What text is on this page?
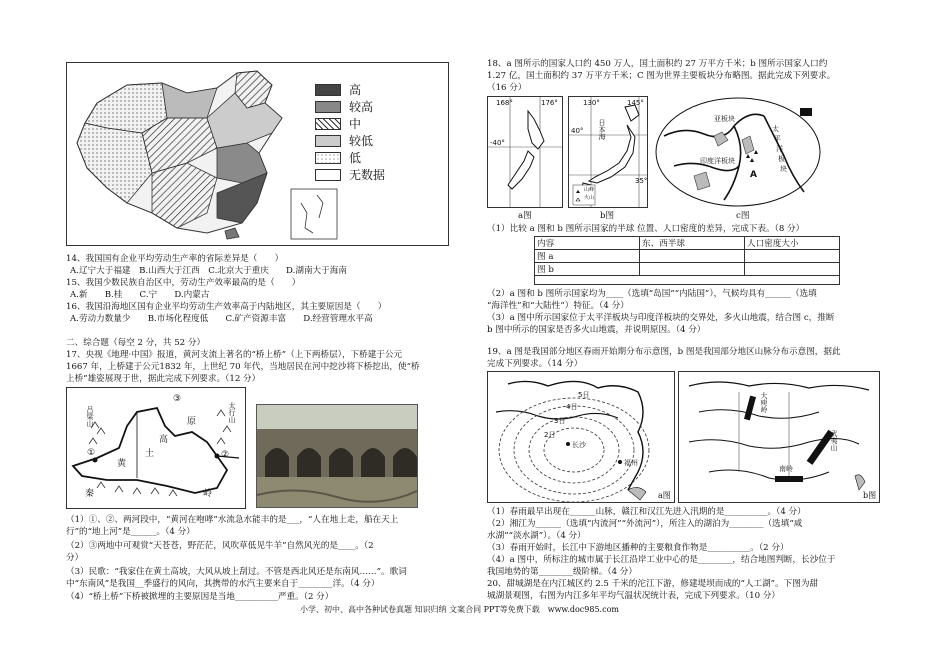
高
较高
中
较低
低
无数据
14、我国国有企业平均劳动生产率的省际差异是（　　）
A.辽宁大于福建　B.山西大于江西　C.北京大于重庆　　D.湖南大于海南
15、我国少数民族自治区中，劳动生产效率最高的是（　　）
A.新　　B.桂　　C.宁　　D.内蒙古
16、我国沿海地区国有企业平均劳动生产效率高于内陆地区，其主要原因是（　　）
A.劳动力数量少　　B.市场化程度低　　C.矿产资源丰富　　D.经营管理水平高
二、综合题（每空 2 分，共 52 分）
17、央视《地理·中国》报道，黄河支流上著名的“桥上桥”（上下两桥层），下桥建于公元
1667 年，上桥建于公元1832 年，上世纪 70 年代，当地居民在河中挖沙将下桥挖出，使“桥
上桥”雄姿展现于世，据此完成下列要求。（12 分）
吕梁山	太行山
高
原
黄
土
秦	岭
①	②
③
（1）①、②、两河段中，“黄河在咆哮”水流急水能丰的是___，“人在地上走，船在天上
行”的“地上河”是______。（4 分）
（2）③两地中可观赏“天苍苍，野茫茫，风吹草低见牛羊”自然风光的是____。（2
分）
（3）民歌：“我家住在黄土高坡，大风从坡上刮过。不管是西北风还是东南风……”。歌词
中“东南风”是我国__季盛行的风向，其携带的水汽主要来自于________洋。（4 分）
（4）“桥上桥”下桥被掀埋的主要原因是当地__________严重。（2 分）
18、a 图所示的国家人口约 450 万人，国土面积约 27 万平方千米；b 图所示国家人口约
1.27 亿，国土面积约 37 万平方千米；C 图为世界主要板块分布略图。据此完成下列要求。
（16 分）
168°	176°
-40°
a图
130°	145°
40°
35°
日本海
山峰
火山
b图
亚板块
太
平
洋
板
块
印度洋板块
A
c图
（1）比较 a 图和 b 图所示国家的半球 位置、人口密度的差异，完成下表。（8 分）
内容	东、西半球	人口密度大小
图 a		
图 b		
（2）a 图和 b 图所示国家均为____（选填“岛国”“内陆国”），气候均具有______（选填
“海洋性”和“大陆性”）特征。（4 分）
（3）a 图中所示国家位于太平洋板块与印度洋板块的交界处，多火山地震，结合图 c，推断
b 图中所示的国家是否多火山地震，并说明原因。（4 分）
19、a 图是我国部分地区春雨开始期分布示意图，b 图是我国部分地区山脉分布示意图，据此
完成下列要求。（14 分）
长沙
福州
5日
4日
3日
2日
a图
武夷山
南岭
大庾岭
b图
（1）春雨最早出现在______山脉，赣江和汉江先进入汛期的是__________。（4 分）
（2）湘江为______（选填“内流河”“外流河”），所注入的湖泊为________（选填“咸
水湖”“淡水湖”）。（4 分）
（3）春雨开始时，长江中下游地区播种的主要粮食作物是__________。（2 分）
（4）a 图中，所标注的城市属于长江沿岸工业中心的是________，结合地图判断，长沙位于
我国地势的第________级阶梯。（4 分）
20、甜城湖是在内江城区约 2.5 千米的沱江下游，修建堤坝而成的“人工湖”。下图为甜
城湖景观图，右图为内江多年平均气温状况统计表，完成下列要求。（10 分）
小学、初中、高中各种试卷真题 知识归纳 文案合同 PPT等免费下载　www.doc985.com
